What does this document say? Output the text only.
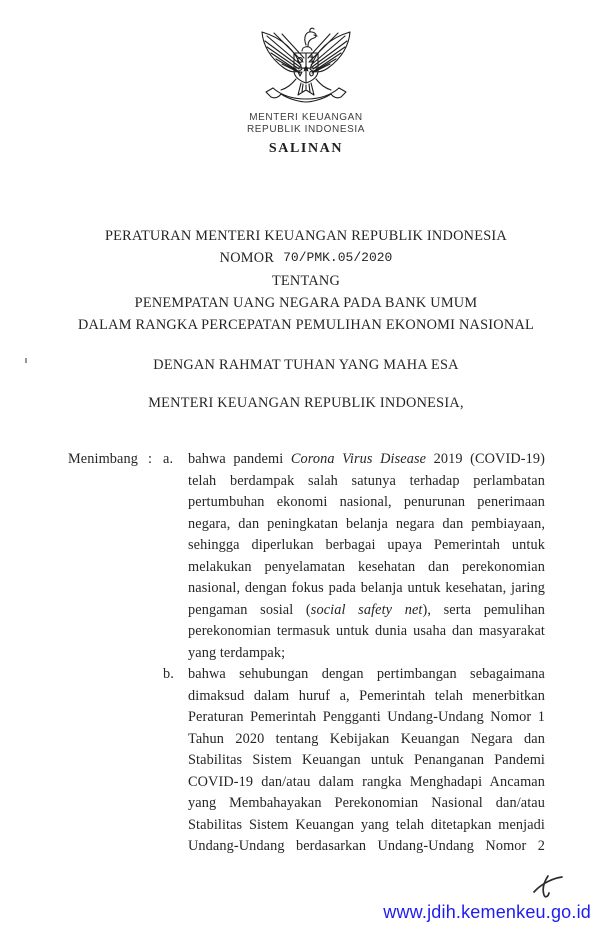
MENTERI KEUANGAN
REPUBLIK INDONESIA
SALINAN
PERATURAN MENTERI KEUANGAN REPUBLIK INDONESIA
NOMOR 70/PMK.05/2020
TENTANG
PENEMPATAN UANG NEGARA PADA BANK UMUM
DALAM RANGKA PERCEPATAN PEMULIHAN EKONOMI NASIONAL
DENGAN RAHMAT TUHAN YANG MAHA ESA
MENTERI KEUANGAN REPUBLIK INDONESIA,
Menimbang : a.	bahwa pandemi Corona Virus Disease 2019 (COVID-19) telah berdampak salah satunya terhadap perlambatan pertumbuhan ekonomi nasional, penurunan penerimaan negara, dan peningkatan belanja negara dan pembiayaan, sehingga diperlukan berbagai upaya Pemerintah untuk melakukan penyelamatan kesehatan dan perekonomian nasional, dengan fokus pada belanja untuk kesehatan, jaring pengaman sosial (social safety net), serta pemulihan perekonomian termasuk untuk dunia usaha dan masyarakat yang terdampak;
b. bahwa sehubungan dengan pertimbangan sebagaimana dimaksud dalam huruf a, Pemerintah telah menerbitkan Peraturan Pemerintah Pengganti Undang-Undang Nomor 1 Tahun 2020 tentang Kebijakan Keuangan Negara dan Stabilitas Sistem Keuangan untuk Penanganan Pandemi COVID-19 dan/atau dalam rangka Menghadapi Ancaman yang Membahayakan Perekonomian Nasional dan/atau Stabilitas Sistem Keuangan yang telah ditetapkan menjadi Undang-Undang berdasarkan Undang-Undang Nomor 2
www.jdih.kemenkeu.go.id
